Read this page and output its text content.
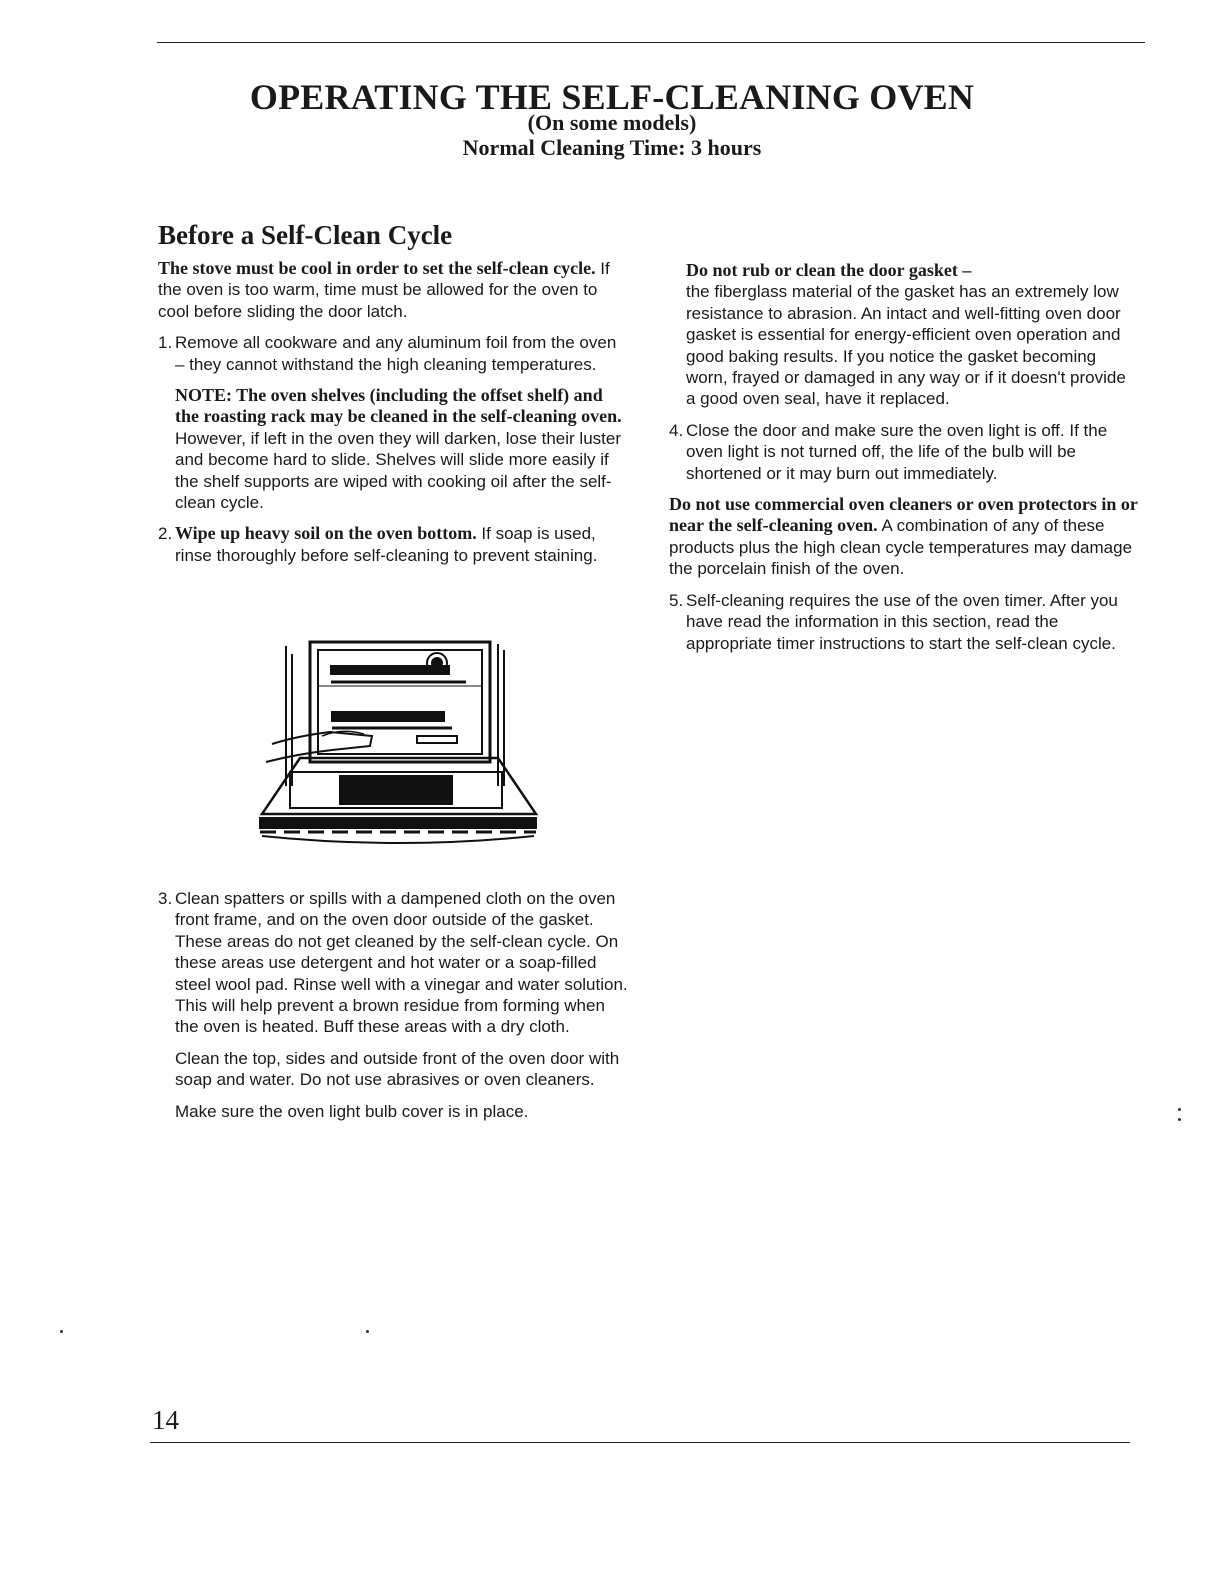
OPERATING THE SELF-CLEANING OVEN
(On some models)
Normal Cleaning Time: 3 hours
Before a Self-Clean Cycle

The stove must be cool in order to set the self-clean cycle. If the oven is too warm, time must be allowed for the oven to cool before sliding the door latch.

1. Remove all cookware and any aluminum foil from the oven – they cannot withstand the high cleaning temperatures.
NOTE: The oven shelves (including the offset shelf) and the roasting rack may be cleaned in the self-cleaning oven. However, if left in the oven they will darken, lose their luster and become hard to slide. Shelves will slide more easily if the shelf supports are wiped with cooking oil after the self-clean cycle.
2. Wipe up heavy soil on the oven bottom. If soap is used, rinse thoroughly before self-cleaning to prevent staining.
3. Clean spatters or spills with a dampened cloth on the oven front frame, and on the oven door outside of the gasket. These areas do not get cleaned by the self-clean cycle. On these areas use detergent and hot water or a soap-filled steel wool pad. Rinse well with a vinegar and water solution. This will help prevent a brown residue from forming when the oven is heated. Buff these areas with a dry cloth.
Clean the top, sides and outside front of the oven door with soap and water. Do not use abrasives or oven cleaners.
Make sure the oven light bulb cover is in place.
Do not rub or clean the door gasket –
the fiberglass material of the gasket has an extremely low resistance to abrasion. An intact and well-fitting oven door gasket is essential for energy-efficient oven operation and good baking results. If you notice the gasket becoming worn, frayed or damaged in any way or if it doesn't provide a good oven seal, have it replaced.
4. Close the door and make sure the oven light is off. If the oven light is not turned off, the life of the bulb will be shortened or it may burn out immediately.

Do not use commercial oven cleaners or oven protectors in or near the self-cleaning oven. A combination of any of these products plus the high clean cycle temperatures may damage the porcelain finish of the oven.

5. Self-cleaning requires the use of the oven timer. After you have read the information in this section, read the appropriate timer instructions to start the self-clean cycle.
14
